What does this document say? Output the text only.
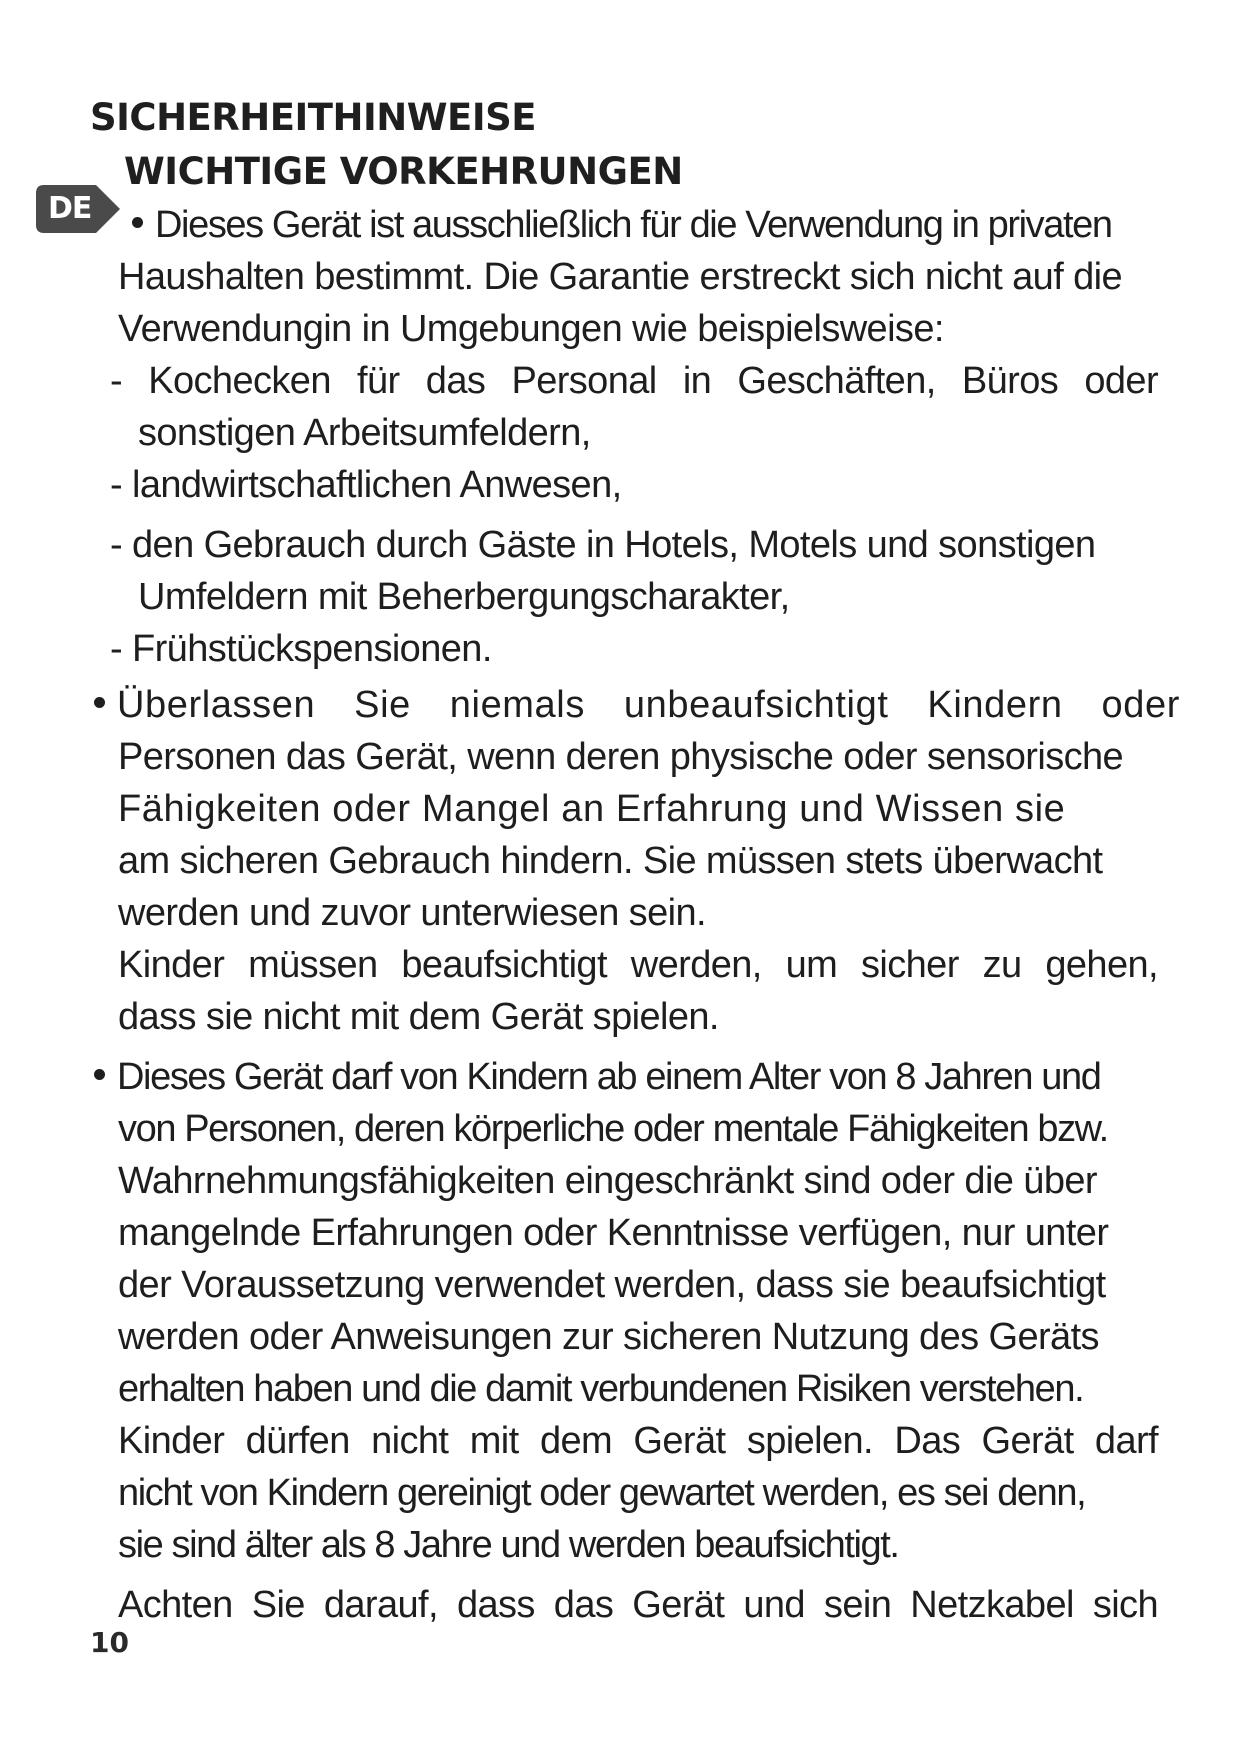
SICHERHEITHINWEISE
WICHTIGE VORKEHRUNGEN
DE	Dieses Gerät ist ausschließlich für die Verwendung in privaten
Haushalten bestimmt. Die Garantie erstreckt sich nicht auf die
Verwendungin in Umgebungen wie beispielsweise:
- Kochecken für das Personal in Geschäften, Büros oder
sonstigen Arbeitsumfeldern,
- landwirtschaftlichen Anwesen,
- den Gebrauch durch Gäste in Hotels, Motels und sonstigen
Umfeldern mit Beherbergungscharakter,
- Frühstückspensionen.
Überlassen Sie niemals unbeaufsichtigt Kindern oder
Personen das Gerät, wenn deren physische oder sensorische
Fähigkeiten oder Mangel an Erfahrung und Wissen sie
am sicheren Gebrauch hindern. Sie müssen stets überwacht
werden und zuvor unterwiesen sein.
Kinder müssen beaufsichtigt werden, um sicher zu gehen,
dass sie nicht mit dem Gerät spielen.
Dieses Gerät darf von Kindern ab einem Alter von 8 Jahren und
von Personen, deren körperliche oder mentale Fähigkeiten bzw.
Wahrnehmungsfähigkeiten eingeschränkt sind oder die über
mangelnde Erfahrungen oder Kenntnisse verfügen, nur unter
der Voraussetzung verwendet werden, dass sie beaufsichtigt
werden oder Anweisungen zur sicheren Nutzung des Geräts
erhalten haben und die damit verbundenen Risiken verstehen.
Kinder dürfen nicht mit dem Gerät spielen. Das Gerät darf
nicht von Kindern gereinigt oder gewartet werden, es sei denn,
sie sind älter als 8 Jahre und werden beaufsichtigt.
Achten Sie darauf, dass das Gerät und sein Netzkabel sich
10
